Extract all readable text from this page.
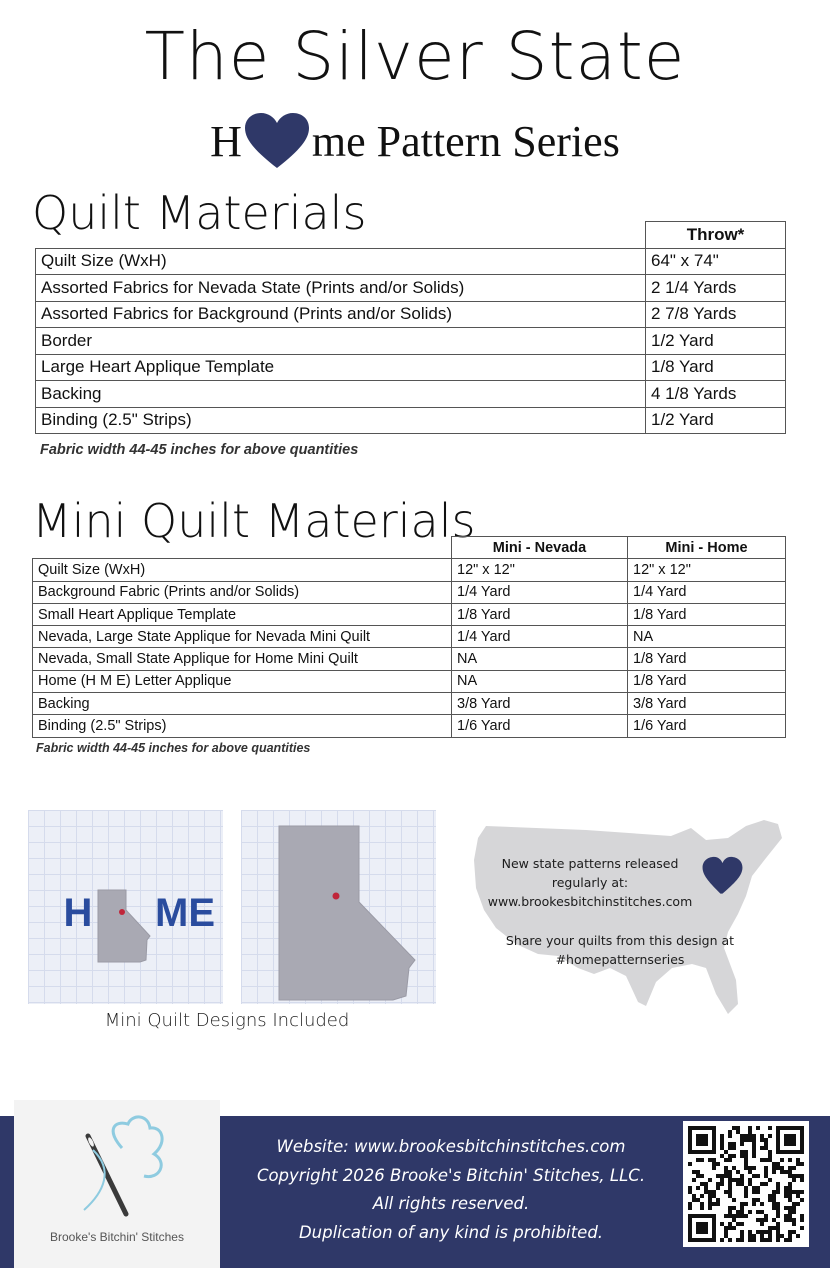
The Silver State
H me Pattern Series
Quilt Materials
		Throw*
Quilt Size (WxH)	64" x 74"
Assorted Fabrics for Nevada State (Prints and/or Solids)	2 1/4 Yards
Assorted Fabrics for Background (Prints and/or Solids)	2 7/8 Yards
Border	1/2 Yard
Large Heart Applique Template	1/8 Yard
Backing	4 1/8 Yards
Binding (2.5" Strips)	1/2 Yard
Fabric width 44-45 inches for above quantities
Mini Quilt Materials
	Mini - Nevada	Mini - Home
Quilt Size (WxH)	12" x 12"	12" x 12"
Background Fabric (Prints and/or Solids)	1/4 Yard	1/4 Yard
Small Heart Applique Template	1/8 Yard	1/8 Yard
Nevada, Large State Applique for Nevada Mini Quilt	1/4 Yard	NA
Nevada, Small State Applique for Home Mini Quilt	NA	1/8 Yard
Home (H M E) Letter Applique	NA	1/8 Yard
Backing	3/8 Yard	3/8 Yard
Binding (2.5" Strips)	1/6 Yard	1/6 Yard
Fabric width 44-45 inches for above quantities
H ME
Mini Quilt Designs Included
New state patterns released
regularly at:
www.brookesbitchinstitches.com
Share your quilts from this design at
#homepatternseries
Brooke's Bitchin' Stitches
Website: www.brookesbitchinstitches.com
Copyright 2026 Brooke's Bitchin' Stitches, LLC.
All rights reserved.
Duplication of any kind is prohibited.
